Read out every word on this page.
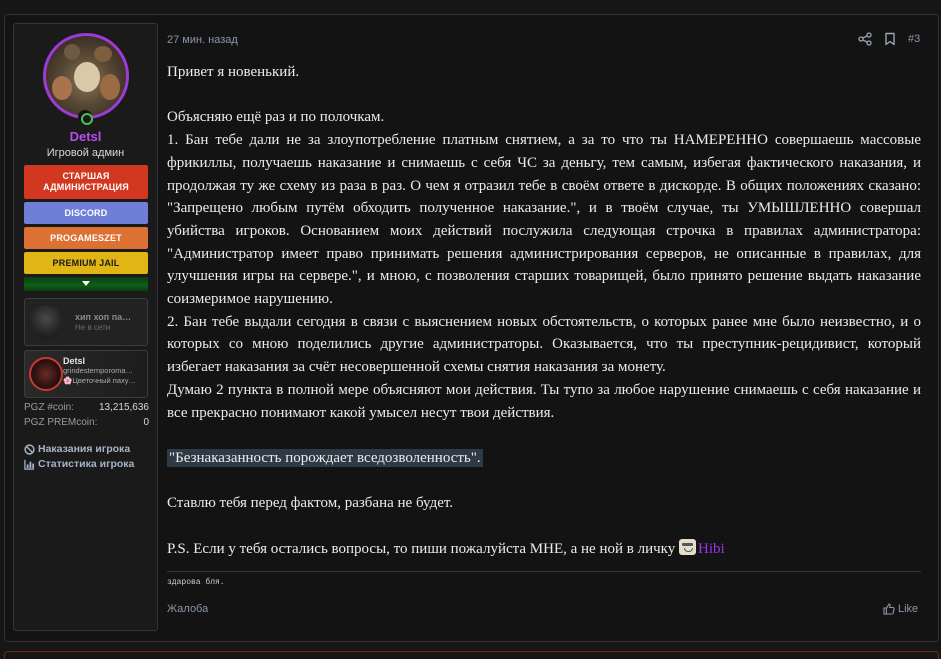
Detsl
Игровой админ
СТАРШАЯ АДМИНИСТРАЦИЯ
DISCORD
PROGAMESZET
PREMIUM JAIL
хип хоп па…
Не в сети
Detsl
grindestemporoma…
🌸Цветочный паху…
PGZ #coin: 13,215,636
PGZ PREMcoin:	0
Наказания игрока
Статистика игрока
27 мин. назад	#3

Привет я новенький.

Объясняю ещё раз и по полочкам.

1. Бан тебе дали не за злоупотребление платным снятием, а за то что ты НАМЕРЕННО совершаешь массовые фрикиллы, получаешь наказание и снимаешь с себя ЧС за деньгу, тем самым, избегая фактического наказания, и продолжая ту же схему из раза в раз. О чем я отразил тебе в своём ответе в дискорде. В общих положениях сказано: "Запрещено любым путём обходить полученное наказание.", и в твоём случае, ты УМЫШЛЕННО совершал убийства игроков. Основанием моих действий послужила следующая строчка в правилах администратора: "Администратор имеет право принимать решения администрирования серверов, не описанные в правилах, для улучшения игры на сервере.", и мною, с позволения старших товарищей, было принято решение выдать наказание соизмеримое нарушению.

2. Бан тебе выдали сегодня в связи с выяснением новых обстоятельств, о которых ранее мне было неизвестно, и о которых со мною поделились другие администраторы. Оказывается, что ты преступник-рецидивист, который избегает наказания за счёт несовершенной схемы снятия наказания за монету.

Думаю 2 пункта в полной мере объясняют мои действия. Ты тупо за любое нарушение снимаешь с себя наказание и все прекрасно понимают какой умысел несут твои действия.

"Безнаказанность порождает вседозволенность".

Ставлю тебя перед фактом, разбана не будет.

P.S. Если у тебя остались вопросы, то пиши пожалуйста МНЕ, а не ной в личку Hibi

здарова бля.
Жалоба	Like
